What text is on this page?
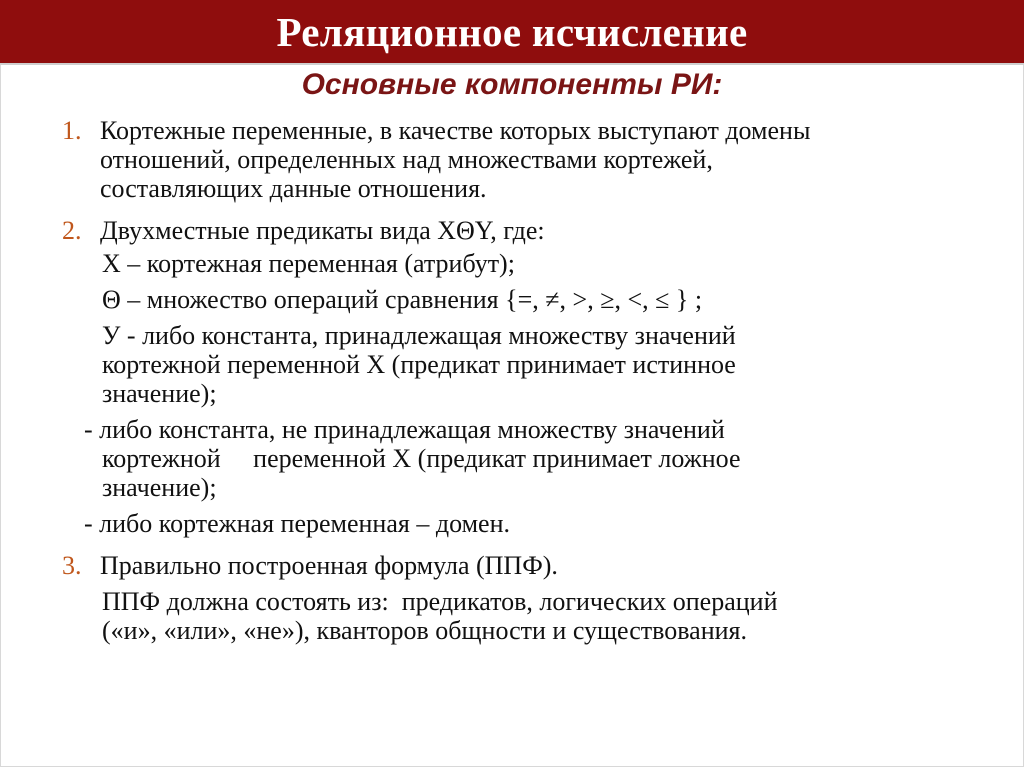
Реляционное исчисление
Основные компоненты РИ:
1. Кортежные переменные, в качестве которых выступают домены
отношений, определенных над множествами кортежей,
составляющих данные отношения.
2. Двухместные предикаты вида XΘY, где:
X – кортежная переменная (атрибут);
Θ – множество операций сравнения {=, ≠, >, ≥, <, ≤ } ;
У - либо константа, принадлежащая множеству значений
кортежной переменной X (предикат принимает истинное
значение);
- либо константа, не принадлежащая множеству значений
кортежной     переменной X (предикат принимает ложное
значение);
- либо кортежная переменная – домен.
3. Правильно построенная формула (ППФ).
ППФ должна состоять из:  предикатов, логических операций
(«и», «или», «не»), кванторов общности и существования.
